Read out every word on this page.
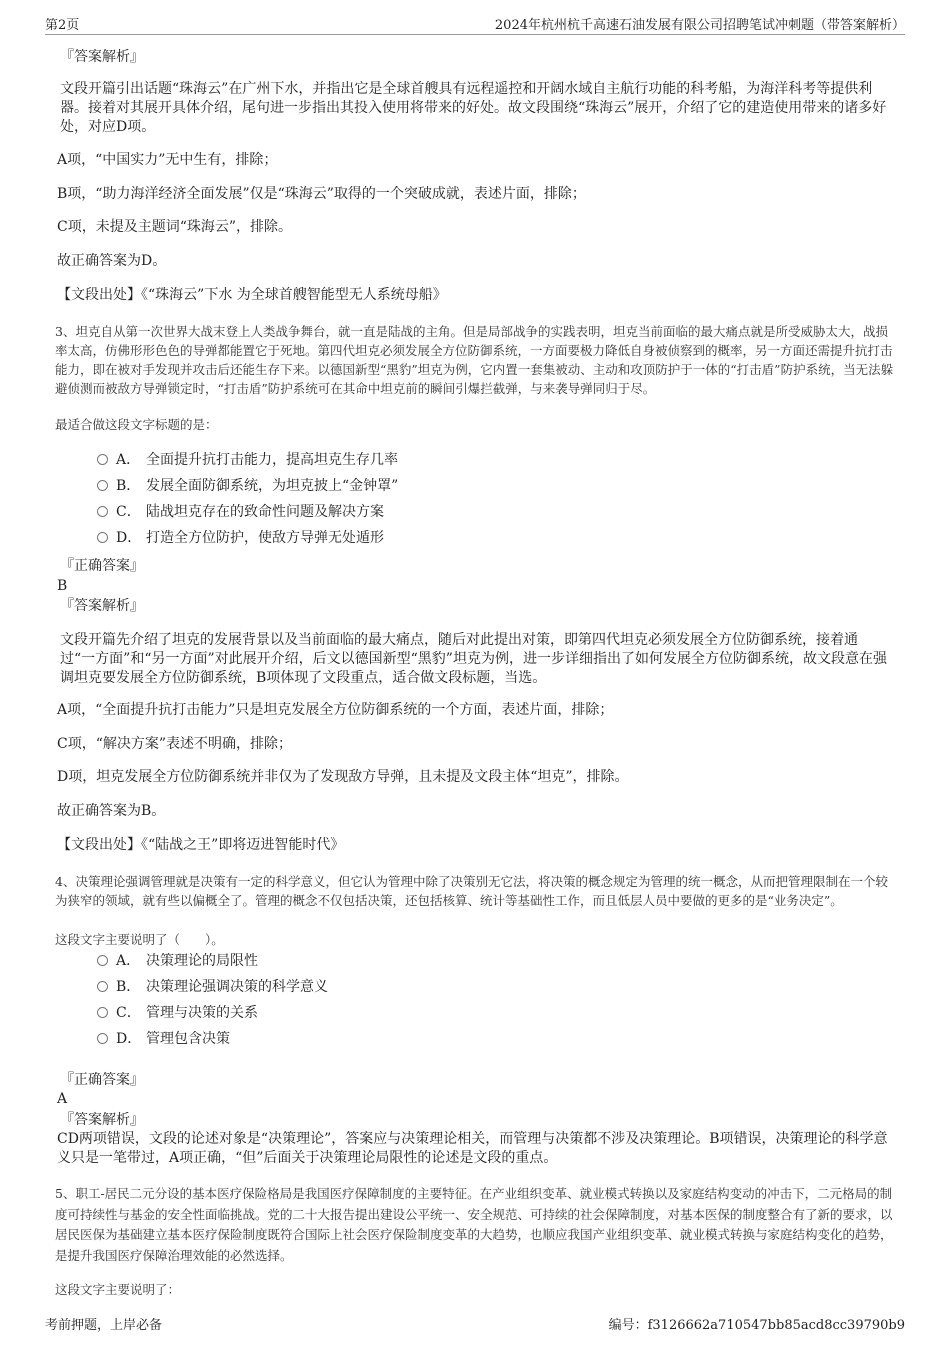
第2页	2024年杭州杭千高速石油发展有限公司招聘笔试冲刺题（带答案解析）
『答案解析』
文段开篇引出话题“珠海云”在广州下水，并指出它是全球首艘具有远程遥控和开阔水域自主航行功能的科考船，为海洋科考等提供利器。接着对其展开具体介绍，尾句进一步指出其投入使用将带来的好处。故文段围绕“珠海云”展开，介绍了它的建造使用带来的诸多好处，对应D项。
A项，“中国实力”无中生有，排除；
B项，“助力海洋经济全面发展”仅是“珠海云”取得的一个突破成就，表述片面，排除；
C项，未提及主题词“珠海云”，排除。
故正确答案为D。
【文段出处】《“珠海云”下水 为全球首艘智能型无人系统母船》
3、坦克自从第一次世界大战末登上人类战争舞台，就一直是陆战的主角。但是局部战争的实践表明，坦克当前面临的最大痛点就是所受威胁太大，战损率太高，仿佛形形色色的导弹都能置它于死地。第四代坦克必须发展全方位防御系统，一方面要极力降低自身被侦察到的概率，另一方面还需提升抗打击能力，即在被对手发现并攻击后还能生存下来。以德国新型“黑豹”坦克为例，它内置一套集被动、主动和攻顶防护于一体的“打击盾”防护系统，当无法躲避侦测而被敌方导弹锁定时，“打击盾”防护系统可在其命中坦克前的瞬间引爆拦截弹，与来袭导弹同归于尽。
最适合做这段文字标题的是：
A． 全面提升抗打击能力，提高坦克生存几率
B． 发展全面防御系统，为坦克披上“金钟罩”
C． 陆战坦克存在的致命性问题及解决方案
D． 打造全方位防护，使敌方导弹无处遁形
『正确答案』
B
『答案解析』
文段开篇先介绍了坦克的发展背景以及当前面临的最大痛点，随后对此提出对策，即第四代坦克必须发展全方位防御系统，接着通过“一方面”和“另一方面”对此展开介绍，后文以德国新型“黑豹”坦克为例，进一步详细指出了如何发展全方位防御系统，故文段意在强调坦克要发展全方位防御系统，B项体现了文段重点，适合做文段标题，当选。
A项，“全面提升抗打击能力”只是坦克发展全方位防御系统的一个方面，表述片面，排除；
C项，“解决方案”表述不明确，排除；
D项，坦克发展全方位防御系统并非仅为了发现敌方导弹，且未提及文段主体“坦克”，排除。
故正确答案为B。
【文段出处】《“陆战之王”即将迈进智能时代》
4、决策理论强调管理就是决策有一定的科学意义，但它认为管理中除了决策别无它法，将决策的概念规定为管理的统一概念，从而把管理限制在一个较为狭窄的领域，就有些以偏概全了。管理的概念不仅包括决策，还包括核算、统计等基础性工作，而且低层人员中要做的更多的是“业务决定”。
这段文字主要说明了（　　）。
A． 决策理论的局限性
B． 决策理论强调决策的科学意义
C． 管理与决策的关系
D． 管理包含决策
『正确答案』
A
『答案解析』
CD两项错误，文段的论述对象是“决策理论”，答案应与决策理论相关，而管理与决策都不涉及决策理论。B项错误，决策理论的科学意义只是一笔带过，A项正确，“但”后面关于决策理论局限性的论述是文段的重点。
5、职工-居民二元分设的基本医疗保险格局是我国医疗保障制度的主要特征。在产业组织变革、就业模式转换以及家庭结构变动的冲击下，二元格局的制度可持续性与基金的安全性面临挑战。党的二十大报告提出建设公平统一、安全规范、可持续的社会保障制度，对基本医保的制度整合有了新的要求，以居民医保为基础建立基本医疗保险制度既符合国际上社会医疗保险制度变革的大趋势，也顺应我国产业组织变革、就业模式转换与家庭结构变化的趋势，是提升我国医疗保障治理效能的必然选择。
这段文字主要说明了：
考前押题，上岸必备	编号：f3126662a710547bb85acd8cc39790b9
